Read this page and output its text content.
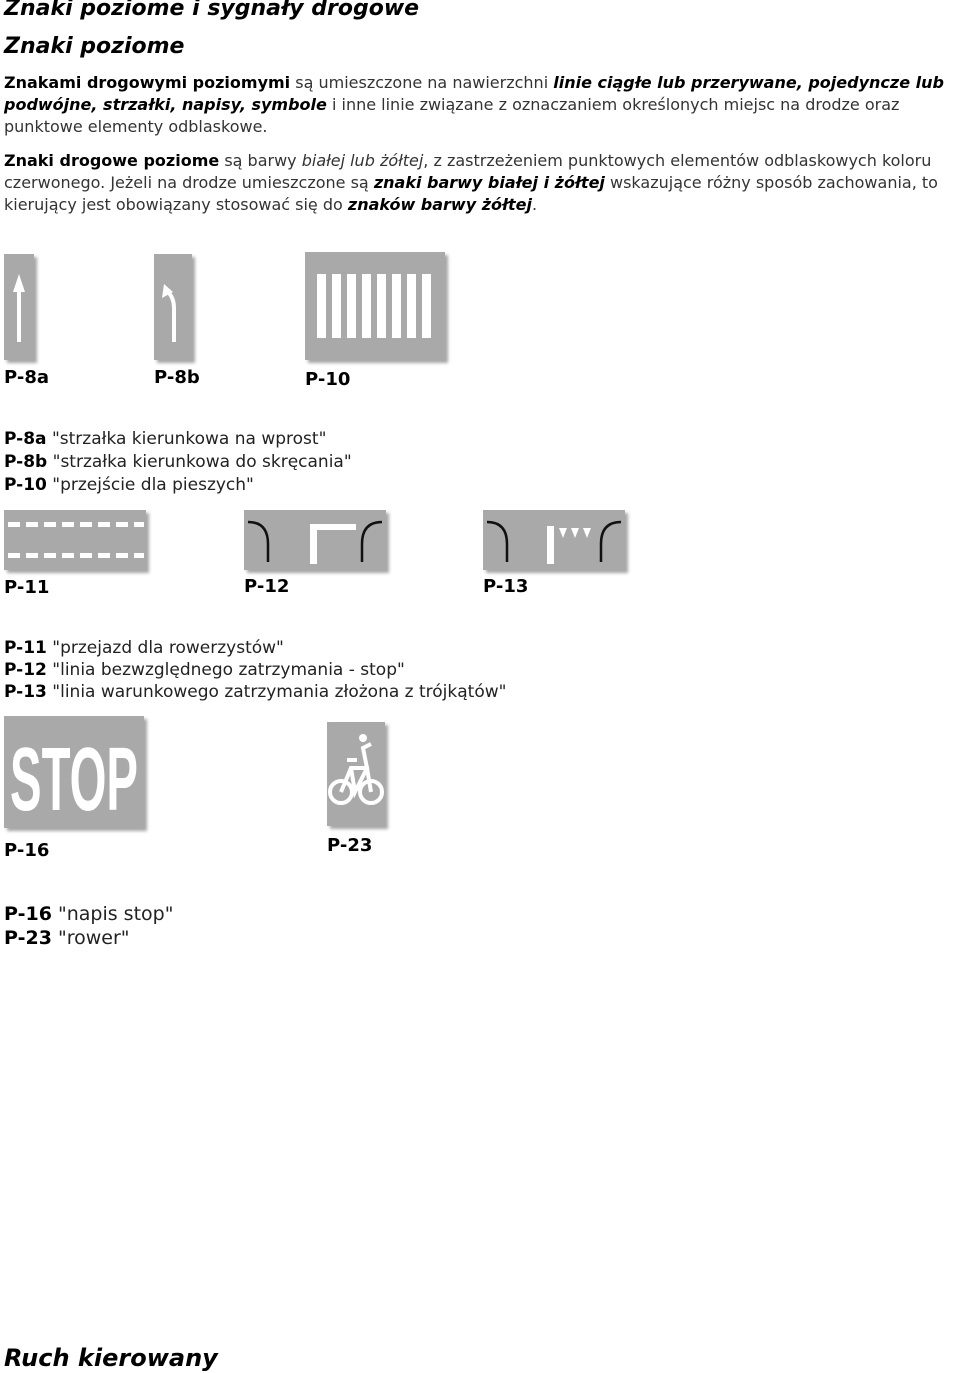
Znaki poziome i sygnały drogowe
Znaki poziome
Znakami drogowymi poziomymi są umieszczone na nawierzchni linie ciągłe lub przerywane, pojedyncze lub podwójne, strzałki, napisy, symbole i inne linie związane z oznaczaniem określonych miejsc na drodze oraz punktowe elementy odblaskowe.
Znaki drogowe poziome są barwy białej lub żółtej, z zastrzeżeniem punktowych elementów odblaskowych koloru czerwonego. Jeżeli na drodze umieszczone są znaki barwy białej i żółtej wskazujące różny sposób zachowania, to kierujący jest obowiązany stosować się do znaków barwy żółtej.
P-8a	P-8b	P-10
P-8a "strzałka kierunkowa na wprost"
P-8b "strzałka kierunkowa do skręcania"
P-10 "przejście dla pieszych"
P-11	P-12	P-13
P-11 "przejazd dla rowerzystów"
P-12 "linia bezwzględnego zatrzymania - stop"
P-13 "linia warunkowego zatrzymania złożona z trójkątów"
STOP
P-16	P-23
P-16 "napis stop"
P-23 "rower"
Ruch kierowany
